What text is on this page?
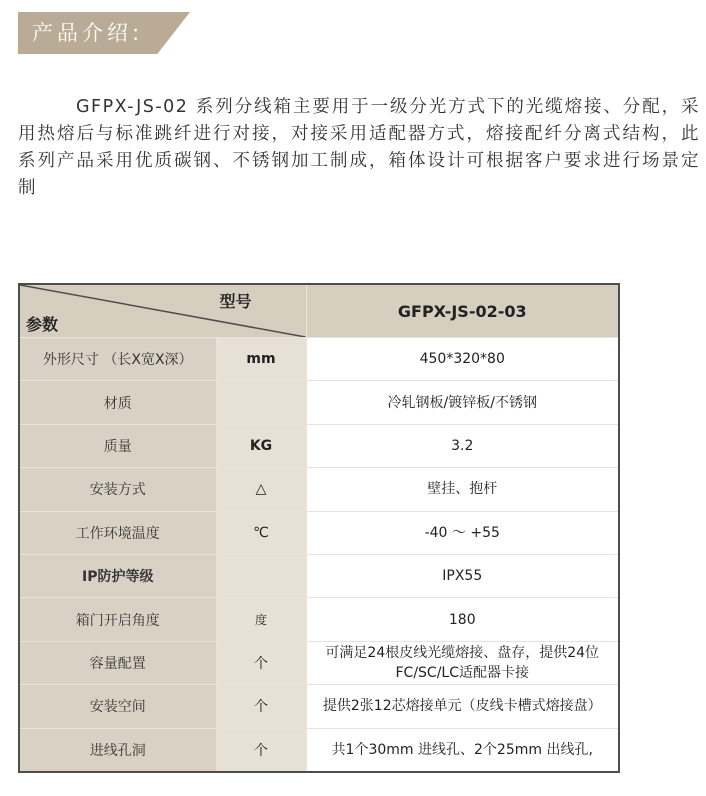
产品介绍:
GFPX-JS-02 系列分线箱主要用于一级分光方式下的光缆熔接、分配，采用热熔后与标准跳纤进行对接，对接采用适配器方式，熔接配纤分离式结构，此系列产品采用优质碳钢、不锈钢加工制成，箱体设计可根据客户要求进行场景定制
型号
参数		GFPX-JS-02-03
外形尺寸 （长X宽X深）	mm	450*320*80
材质		冷轧钢板/镀锌板/不锈钢
质量	KG	3.2
安装方式	△	壁挂、抱杆
工作环境温度	℃	-40 ～ +55
IP防护等级		IPX55
箱门开启角度	度	180
容量配置	个	可满足24根皮线光缆熔接、盘存，提供24位 FC/SC/LC适配器卡接
安装空间	个	提供2张12芯熔接单元（皮线卡槽式熔接盘）
进线孔洞	个	共1个30mm 进线孔、2个25mm 出线孔,
